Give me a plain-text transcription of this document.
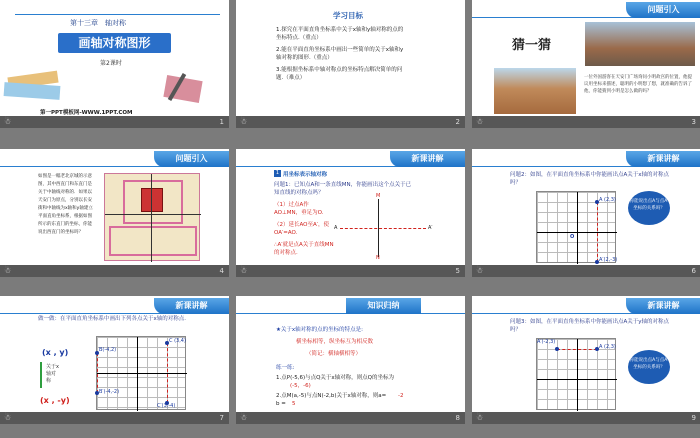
第十三章　轴对称
画轴对称图形
第2课时
第一PPT模板网-WWW.1PPT.COM
☃	1
学习目标
1.探究在平面直角坐标系中关于x轴和y轴对称的点的
坐标特点.（重点）
2.能在平面直角坐标系中画出一些简单的关于x轴和y
轴对称的图形.（重点）
3.能根据坐标系中轴对称点的坐标特点解决简单的问
题.（难点）
☃	2
问题引入
猜一猜
一位外国游客在天安门广场询问小明故宫的位置，他提议用坐标来描述，聪明的小明想了想，就准确的告诉了他，你能猜到小明是怎么做的吗？
☃	3
问题引入
如图是一幅老北京城的示意图，其中西直门和东直门是关于中轴线对称的．如果以天安门为原点，分别以长安街和中轴线为x轴和y轴建立平面直角坐标系，根据如图所示的东直门的坐标，你能说出西直门的坐标吗？
☃	4
新课讲解
1 用坐标表示轴对称
问题1：已知点A和一条直线MN，你能画出这个点关于已知直线的对称点吗？
（1）过点A作AO⊥MN，垂足为O.
（2）延长AO至A′，使OA′=AO.
∴A′就是点A关于直线MN的对称点.
A	A′
M
N
☃	5
新课讲解
问题2：如图，在平面直角坐标系中你能画出点A关于x轴的对称点吗？
A (2,3)
A′(2,-3)
O
你能说出点A与点A′坐标的关系吗？
☃	6
新课讲解
做一做：在平面直角坐标系中画出下列各点关于x轴的对称点.
(x , y)
关于x轴对称
(x , -y)
B(-4,2)
B′(-4,-2)
C (3,4)
C′(3,-4)
☃	7
知识归纳
★关于x轴对称的点的坐标的特点是:
横坐标相等，纵坐标互为相反数
（简记：横轴横相等）
练一练:
1.点P(-5,6)与点Q关于x轴对称，则点Q的坐标为
(-5，-6)
2.点M(a,-5)与点N(-2,b)关于x轴对称，则a=	-2
b = 5
☃	8
新课讲解
问题3：如图，在平面直角坐标系中你能画出点A关于y轴的对称点吗？
A (2,3)
A′(-2,3)
你能说出点A与点A′坐标的关系吗？
☃	9
